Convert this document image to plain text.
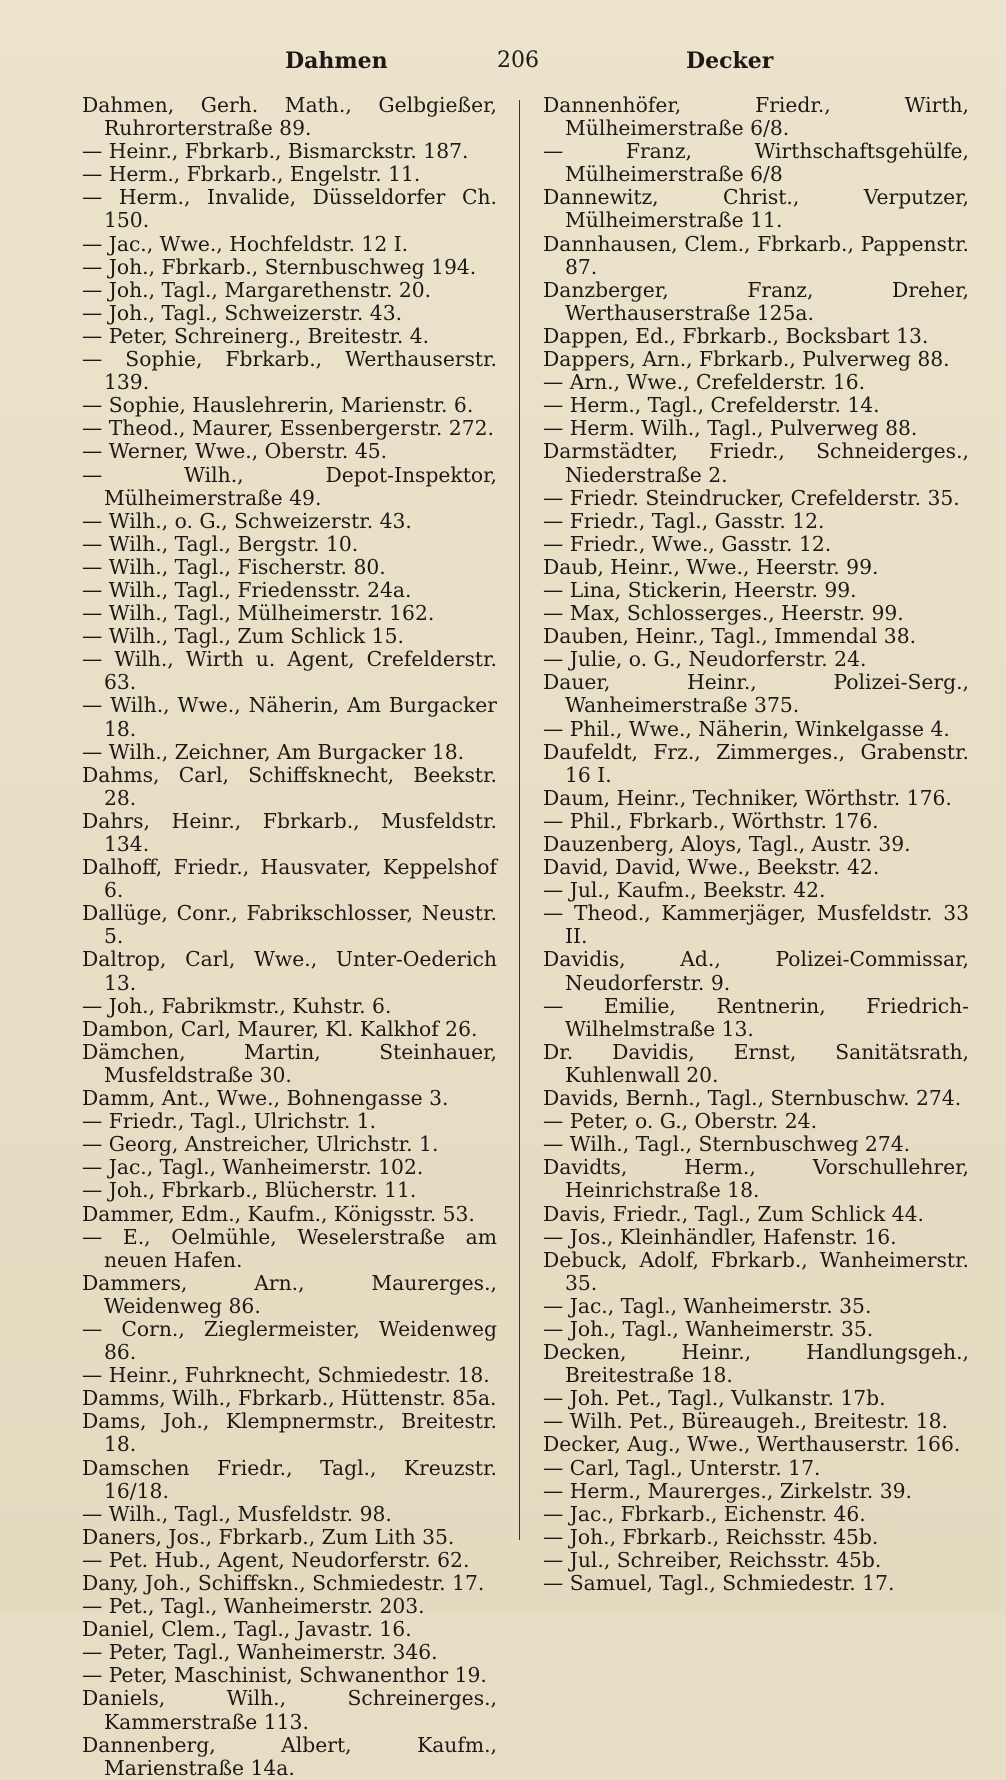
Dahmen	206	Decker
Dahmen, Gerh. Math., Gelbgießer, Ruhrorterstraße 89.
— Heinr., Fbrkarb., Bismarckstr. 187.
— Herm., Fbrkarb., Engelstr. 11.
— Herm., Invalide, Düsseldorfer Ch. 150.
— Jac., Wwe., Hochfeldstr. 12 I.
— Joh., Fbrkarb., Sternbuschweg 194.
— Joh., Tagl., Margarethenstr. 20.
— Joh., Tagl., Schweizerstr. 43.
— Peter, Schreinerg., Breitestr. 4.
— Sophie, Fbrkarb., Werthauserstr. 139.
— Sophie, Hauslehrerin, Marienstr. 6.
— Theod., Maurer, Essenbergerstr. 272.
— Werner, Wwe., Oberstr. 45.
— Wilh., Depot-Inspektor, Mülheimerstraße 49.
— Wilh., o. G., Schweizerstr. 43.
— Wilh., Tagl., Bergstr. 10.
— Wilh., Tagl., Fischerstr. 80.
— Wilh., Tagl., Friedensstr. 24a.
— Wilh., Tagl., Mülheimerstr. 162.
— Wilh., Tagl., Zum Schlick 15.
— Wilh., Wirth u. Agent, Crefelderstr. 63.
— Wilh., Wwe., Näherin, Am Burgacker 18.
— Wilh., Zeichner, Am Burgacker 18.
Dahms, Carl, Schiffsknecht, Beekstr. 28.
Dahrs, Heinr., Fbrkarb., Musfeldstr. 134.
Dalhoff, Friedr., Hausvater, Keppelshof 6.
Dallüge, Conr., Fabrikschlosser, Neustr. 5.
Daltrop, Carl, Wwe., Unter-Oederich 13.
— Joh., Fabrikmstr., Kuhstr. 6.
Dambon, Carl, Maurer, Kl. Kalkhof 26.
Dämchen, Martin, Steinhauer, Musfeldstraße 30.
Damm, Ant., Wwe., Bohnengasse 3.
— Friedr., Tagl., Ulrichstr. 1.
— Georg, Anstreicher, Ulrichstr. 1.
— Jac., Tagl., Wanheimerstr. 102.
— Joh., Fbrkarb., Blücherstr. 11.
Dammer, Edm., Kaufm., Königsstr. 53.
— E., Oelmühle, Weselerstraße am neuen Hafen.
Dammers, Arn., Maurerges., Weidenweg 86.
— Corn., Zieglermeister, Weidenweg 86.
— Heinr., Fuhrknecht, Schmiedestr. 18.
Damms, Wilh., Fbrkarb., Hüttenstr. 85a.
Dams, Joh., Klempnermstr., Breitestr. 18.
Damschen Friedr., Tagl., Kreuzstr. 16/18.
— Wilh., Tagl., Musfeldstr. 98.
Daners, Jos., Fbrkarb., Zum Lith 35.
— Pet. Hub., Agent, Neudorferstr. 62.
Dany, Joh., Schiffskn., Schmiedestr. 17.
— Pet., Tagl., Wanheimerstr. 203.
Daniel, Clem., Tagl., Javastr. 16.
— Peter, Tagl., Wanheimerstr. 346.
— Peter, Maschinist, Schwanenthor 19.
Daniels, Wilh., Schreinerges., Kammerstraße 113.
Dannenberg, Albert, Kaufm., Marienstraße 14a.
Dannenhöfer, Friedr., Wirth, Mülheimerstraße 6/8.
— Franz, Wirthschaftsgehülfe, Mülheimerstraße 6/8
Dannewitz, Christ., Verputzer, Mülheimerstraße 11.
Dannhausen, Clem., Fbrkarb., Pappenstr. 87.
Danzberger, Franz, Dreher, Werthauserstraße 125a.
Dappen, Ed., Fbrkarb., Bocksbart 13.
Dappers, Arn., Fbrkarb., Pulverweg 88.
— Arn., Wwe., Crefelderstr. 16.
— Herm., Tagl., Crefelderstr. 14.
— Herm. Wilh., Tagl., Pulverweg 88.
Darmstädter, Friedr., Schneiderges., Niederstraße 2.
— Friedr. Steindrucker, Crefelderstr. 35.
— Friedr., Tagl., Gasstr. 12.
— Friedr., Wwe., Gasstr. 12.
Daub, Heinr., Wwe., Heerstr. 99.
— Lina, Stickerin, Heerstr. 99.
— Max, Schlosserges., Heerstr. 99.
Dauben, Heinr., Tagl., Immendal 38.
— Julie, o. G., Neudorferstr. 24.
Dauer, Heinr., Polizei-Serg., Wanheimerstraße 375.
— Phil., Wwe., Näherin, Winkelgasse 4.
Daufeldt, Frz., Zimmerges., Grabenstr. 16 I.
Daum, Heinr., Techniker, Wörthstr. 176.
— Phil., Fbrkarb., Wörthstr. 176.
Dauzenberg, Aloys, Tagl., Austr. 39.
David, David, Wwe., Beekstr. 42.
— Jul., Kaufm., Beekstr. 42.
— Theod., Kammerjäger, Musfeldstr. 33 II.
Davidis, Ad., Polizei-Commissar, Neudorferstr. 9.
— Emilie, Rentnerin, Friedrich-Wilhelmstraße 13.
Dr. Davidis, Ernst, Sanitätsrath, Kuhlenwall 20.
Davids, Bernh., Tagl., Sternbuschw. 274.
— Peter, o. G., Oberstr. 24.
— Wilh., Tagl., Sternbuschweg 274.
Davidts, Herm., Vorschullehrer, Heinrichstraße 18.
Davis, Friedr., Tagl., Zum Schlick 44.
— Jos., Kleinhändler, Hafenstr. 16.
Debuck, Adolf, Fbrkarb., Wanheimerstr. 35.
— Jac., Tagl., Wanheimerstr. 35.
— Joh., Tagl., Wanheimerstr. 35.
Decken, Heinr., Handlungsgeh., Breitestraße 18.
— Joh. Pet., Tagl., Vulkanstr. 17b.
— Wilh. Pet., Büreaugeh., Breitestr. 18.
Decker, Aug., Wwe., Werthauserstr. 166.
— Carl, Tagl., Unterstr. 17.
— Herm., Maurerges., Zirkelstr. 39.
— Jac., Fbrkarb., Eichenstr. 46.
— Joh., Fbrkarb., Reichsstr. 45b.
— Jul., Schreiber, Reichsstr. 45b.
— Samuel, Tagl., Schmiedestr. 17.
